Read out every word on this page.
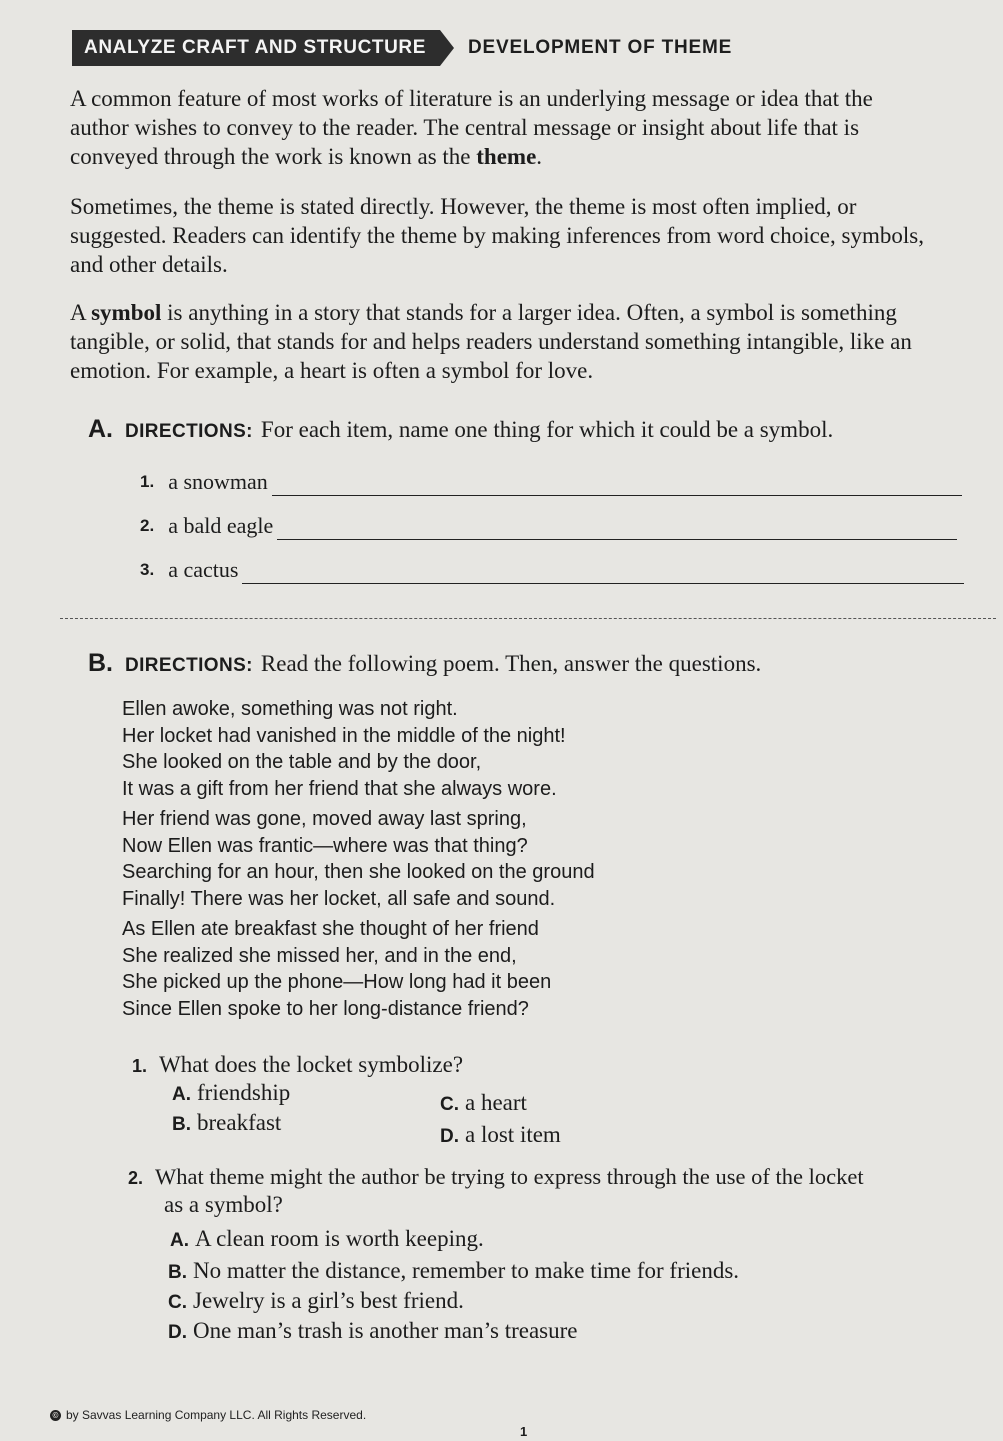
ANALYZE CRAFT AND STRUCTURE	DEVELOPMENT OF THEME

A common feature of most works of literature is an underlying message or idea that the author wishes to convey to the reader. The central message or insight about life that is conveyed through the work is known as the theme.

Sometimes, the theme is stated directly. However, the theme is most often implied, or suggested. Readers can identify the theme by making inferences from word choice, symbols, and other details.

A symbol is anything in a story that stands for a larger idea. Often, a symbol is something tangible, or solid, that stands for and helps readers understand something intangible, like an emotion. For example, a heart is often a symbol for love.

A. DIRECTIONS: For each item, name one thing for which it could be a symbol.
1. a snowman
2. a bald eagle
3. a cactus
B. DIRECTIONS: Read the following poem. Then, answer the questions.
Ellen awoke, something was not right.
Her locket had vanished in the middle of the night!
She looked on the table and by the door,
It was a gift from her friend that she always wore.
Her friend was gone, moved away last spring,
Now Ellen was frantic—where was that thing?
Searching for an hour, then she looked on the ground
Finally! There was her locket, all safe and sound.
As Ellen ate breakfast she thought of her friend
She realized she missed her, and in the end,
She picked up the phone—How long had it been
Since Ellen spoke to her long-distance friend?
1. What does the locket symbolize?
A. friendship
B. breakfast
C. a heart
D. a lost item
2. What theme might the author be trying to express through the use of the locket
as a symbol?
A. A clean room is worth keeping.
B. No matter the distance, remember to make time for friends.
C. Jewelry is a girl’s best friend.
D. One man’s trash is another man’s treasure
© by Savvas Learning Company LLC. All Rights Reserved.
1
